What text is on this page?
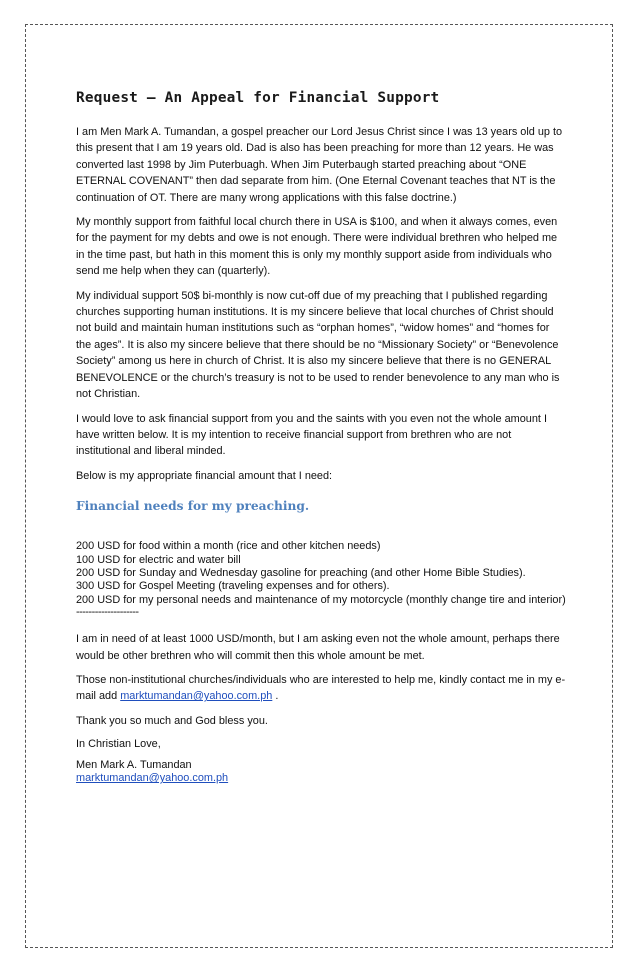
Request – An Appeal for Financial Support

I am Men Mark A. Tumandan, a gospel preacher our Lord Jesus Christ since I was 13 years old up to this present that I am 19 years old. Dad is also has been preaching for more than 12 years. He was converted last 1998 by Jim Puterbuagh. When Jim Puterbaugh started preaching about “ONE ETERNAL COVENANT” then dad separate from him. (One Eternal Covenant teaches that NT is the continuation of OT. There are many wrong applications with this false doctrine.)

My monthly support from faithful local church there in USA is $100, and when it always comes, even for the payment for my debts and owe is not enough. There were individual brethren who helped me in the time past, but hath in this moment this is only my monthly support aside from individuals who send me help when they can (quarterly).

My individual support 50$ bi-monthly is now cut-off due of my preaching that I published regarding churches supporting human institutions. It is my sincere believe that local churches of Christ should not build and maintain human institutions such as “orphan homes”, “widow homes” and “homes for the ages”. It is also my sincere believe that there should be no “Missionary Society” or “Benevolence Society” among us here in church of Christ. It is also my sincere believe that there is no GENERAL BENEVOLENCE or the church’s treasury is not to be used to render benevolence to any man who is not Christian.

I would love to ask financial support from you and the saints with you even not the whole amount I have written below. It is my intention to receive financial support from brethren who are not institutional and liberal minded.

Below is my appropriate financial amount that I need:

Financial needs for my preaching.
200 USD for food within a month (rice and other kitchen needs)
100 USD for electric and water bill
200 USD for Sunday and Wednesday gasoline for preaching (and other Home Bible Studies).
300 USD for Gospel Meeting (traveling expenses and for others).
200 USD for my personal needs and maintenance of my motorcycle (monthly change tire and interior)
--------------------

I am in need of at least 1000 USD/month, but I am asking even not the whole amount, perhaps there would be other brethren who will commit then this whole amount be met.

Those non-institutional churches/individuals who are interested to help me, kindly contact me in my e-mail add marktumandan@yahoo.com.ph .

Thank you so much and God bless you.

In Christian Love,

Men Mark A. Tumandan
marktumandan@yahoo.com.ph
